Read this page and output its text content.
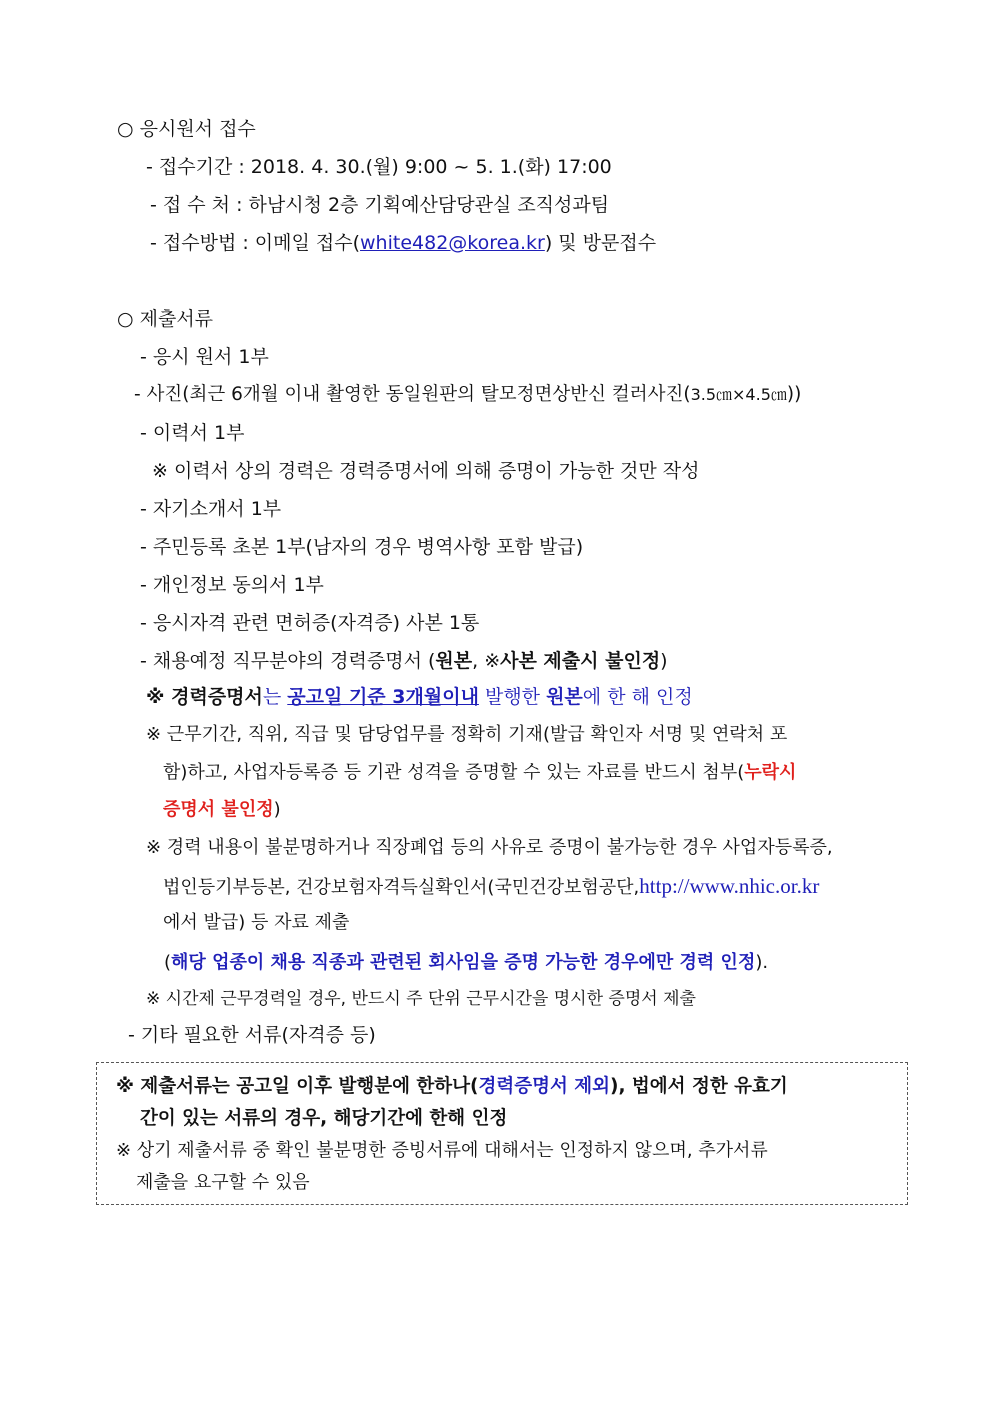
○ 응시원서 접수
- 접수기간 : 2018. 4. 30.(월) 9:00 ~ 5. 1.(화) 17:00
- 접 수 처 : 하남시청 2층 기획예산담당관실 조직성과팀
- 접수방법 : 이메일 접수(white482@korea.kr) 및 방문접수
○ 제출서류
- 응시 원서 1부
- 사진(최근 6개월 이내 촬영한 동일원판의 탈모정면상반신 컬러사진(3.5㎝×4.5㎝))
- 이력서 1부
※ 이력서 상의 경력은 경력증명서에 의해 증명이 가능한 것만 작성
- 자기소개서 1부
- 주민등록 초본 1부(남자의 경우 병역사항 포함 발급)
- 개인정보 동의서 1부
- 응시자격 관련 면허증(자격증) 사본 1통
- 채용예정 직무분야의 경력증명서 (원본, ※사본 제출시 불인정)
※ 경력증명서는 공고일 기준 3개월이내 발행한 원본에 한 해 인정
※ 근무기간, 직위, 직급 및 담당업무를 정확히 기재(발급 확인자 서명 및 연락처 포
함)하고, 사업자등록증 등 기관 성격을 증명할 수 있는 자료를 반드시 첨부(누락시
증명서 불인정)
※ 경력 내용이 불분명하거나 직장폐업 등의 사유로 증명이 불가능한 경우 사업자등록증,
법인등기부등본, 건강보험자격득실확인서(국민건강보험공단,http://www.nhic.or.kr
에서 발급) 등 자료 제출
(해당 업종이 채용 직종과 관련된 회사임을 증명 가능한 경우에만 경력 인정).
※ 시간제 근무경력일 경우, 반드시 주 단위 근무시간을 명시한 증명서 제출
- 기타 필요한 서류(자격증 등)
※ 제출서류는 공고일 이후 발행분에 한하나(경력증명서 제외), 법에서 정한 유효기
간이 있는 서류의 경우, 해당기간에 한해 인정
※ 상기 제출서류 중 확인 불분명한 증빙서류에 대해서는 인정하지 않으며, 추가서류
제출을 요구할 수 있음
